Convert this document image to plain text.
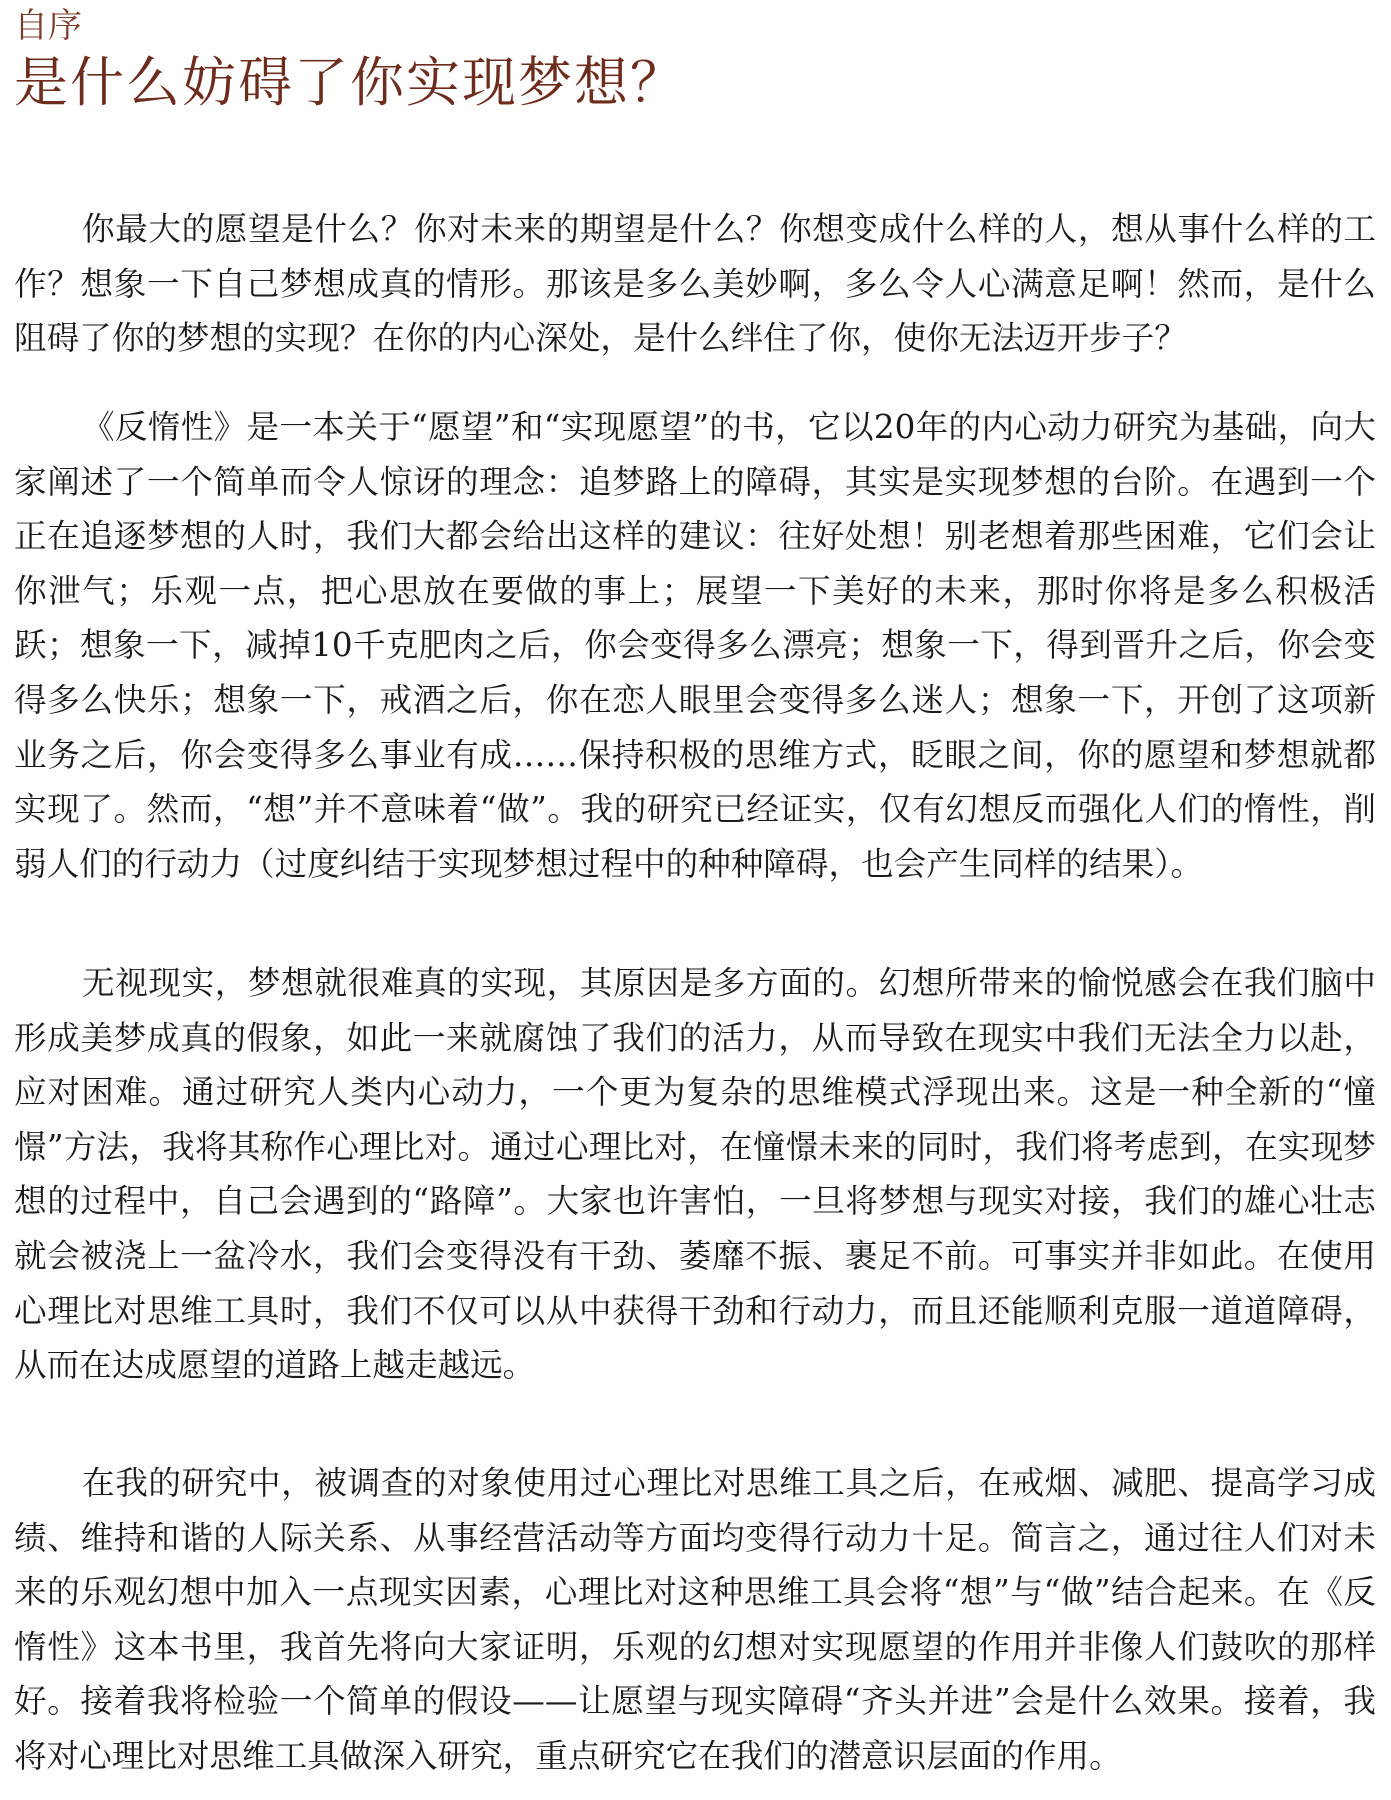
自序
是什么妨碍了你实现梦想？

你最大的愿望是什么？你对未来的期望是什么？你想变成什么样的人，想从事什么样的工作？想象一下自己梦想成真的情形。那该是多么美妙啊，多么令人心满意足啊！然而，是什么阻碍了你的梦想的实现？在你的内心深处，是什么绊住了你，使你无法迈开步子？

《反惰性》是一本关于“愿望”和“实现愿望”的书，它以20年的内心动力研究为基础，向大家阐述了一个简单而令人惊讶的理念：追梦路上的障碍，其实是实现梦想的台阶。在遇到一个正在追逐梦想的人时，我们大都会给出这样的建议：往好处想！别老想着那些困难，它们会让你泄气；乐观一点，把心思放在要做的事上；展望一下美好的未来，那时你将是多么积极活跃；想象一下，减掉10千克肥肉之后，你会变得多么漂亮；想象一下，得到晋升之后，你会变得多么快乐；想象一下，戒酒之后，你在恋人眼里会变得多么迷人；想象一下，开创了这项新业务之后，你会变得多么事业有成……保持积极的思维方式，眨眼之间，你的愿望和梦想就都实现了。然而，“想”并不意味着“做”。我的研究已经证实，仅有幻想反而强化人们的惰性，削弱人们的行动力（过度纠结于实现梦想过程中的种种障碍，也会产生同样的结果）。

无视现实，梦想就很难真的实现，其原因是多方面的。幻想所带来的愉悦感会在我们脑中形成美梦成真的假象，如此一来就腐蚀了我们的活力，从而导致在现实中我们无法全力以赴，应对困难。通过研究人类内心动力，一个更为复杂的思维模式浮现出来。这是一种全新的“憧憬”方法，我将其称作心理比对。通过心理比对，在憧憬未来的同时，我们将考虑到，在实现梦想的过程中，自己会遇到的“路障”。大家也许害怕，一旦将梦想与现实对接，我们的雄心壮志就会被浇上一盆冷水，我们会变得没有干劲、萎靡不振、裹足不前。可事实并非如此。在使用心理比对思维工具时，我们不仅可以从中获得干劲和行动力，而且还能顺利克服一道道障碍，从而在达成愿望的道路上越走越远。

在我的研究中，被调查的对象使用过心理比对思维工具之后，在戒烟、减肥、提高学习成绩、维持和谐的人际关系、从事经营活动等方面均变得行动力十足。简言之，通过往人们对未来的乐观幻想中加入一点现实因素，心理比对这种思维工具会将“想”与“做”结合起来。在《反惰性》这本书里，我首先将向大家证明，乐观的幻想对实现愿望的作用并非像人们鼓吹的那样好。接着我将检验一个简单的假设——让愿望与现实障碍“齐头并进”会是什么效果。接着，我将对心理比对思维工具做深入研究，重点研究它在我们的潜意识层面的作用。
